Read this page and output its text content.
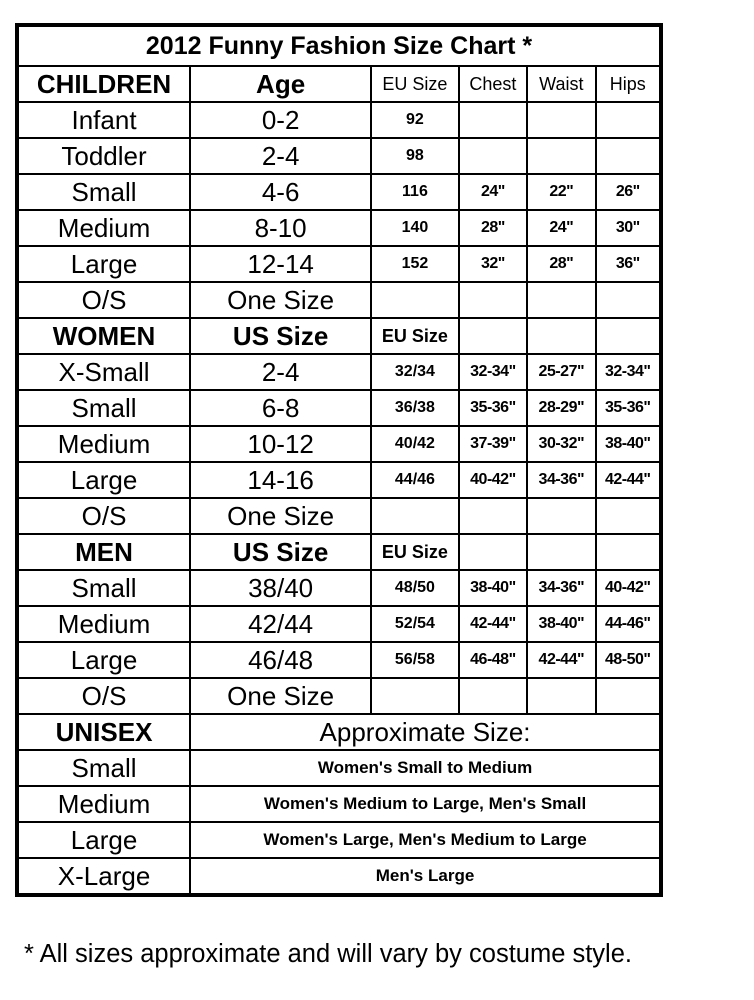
2012 Funny Fashion Size Chart *					
CHILDREN	Age	EU Size	Chest	Waist	Hips
Infant	0-2	92			
Toddler	2-4	98			
Small	4-6	116	24"	22"	26"
Medium	8-10	140	28"	24"	30"
Large	12-14	152	32"	28"	36"
O/S	One Size				
WOMEN	US Size	EU Size			
X-Small	2-4	32/34	32-34"	25-27"	32-34"
Small	6-8	36/38	35-36"	28-29"	35-36"
Medium	10-12	40/42	37-39"	30-32"	38-40"
Large	14-16	44/46	40-42"	34-36"	42-44"
O/S	One Size				
MEN	US Size	EU Size			
Small	38/40	48/50	38-40"	34-36"	40-42"
Medium	42/44	52/54	42-44"	38-40"	44-46"
Large	46/48	56/58	46-48"	42-44"	48-50"
O/S	One Size				
UNISEX	Approximate Size:				
Small	Women's Small to Medium				
Medium	Women's Medium to Large, Men's Small				
Large	Women's Large, Men's Medium to Large				
X-Large	Men's Large				
* All sizes approximate and will vary by costume style.
